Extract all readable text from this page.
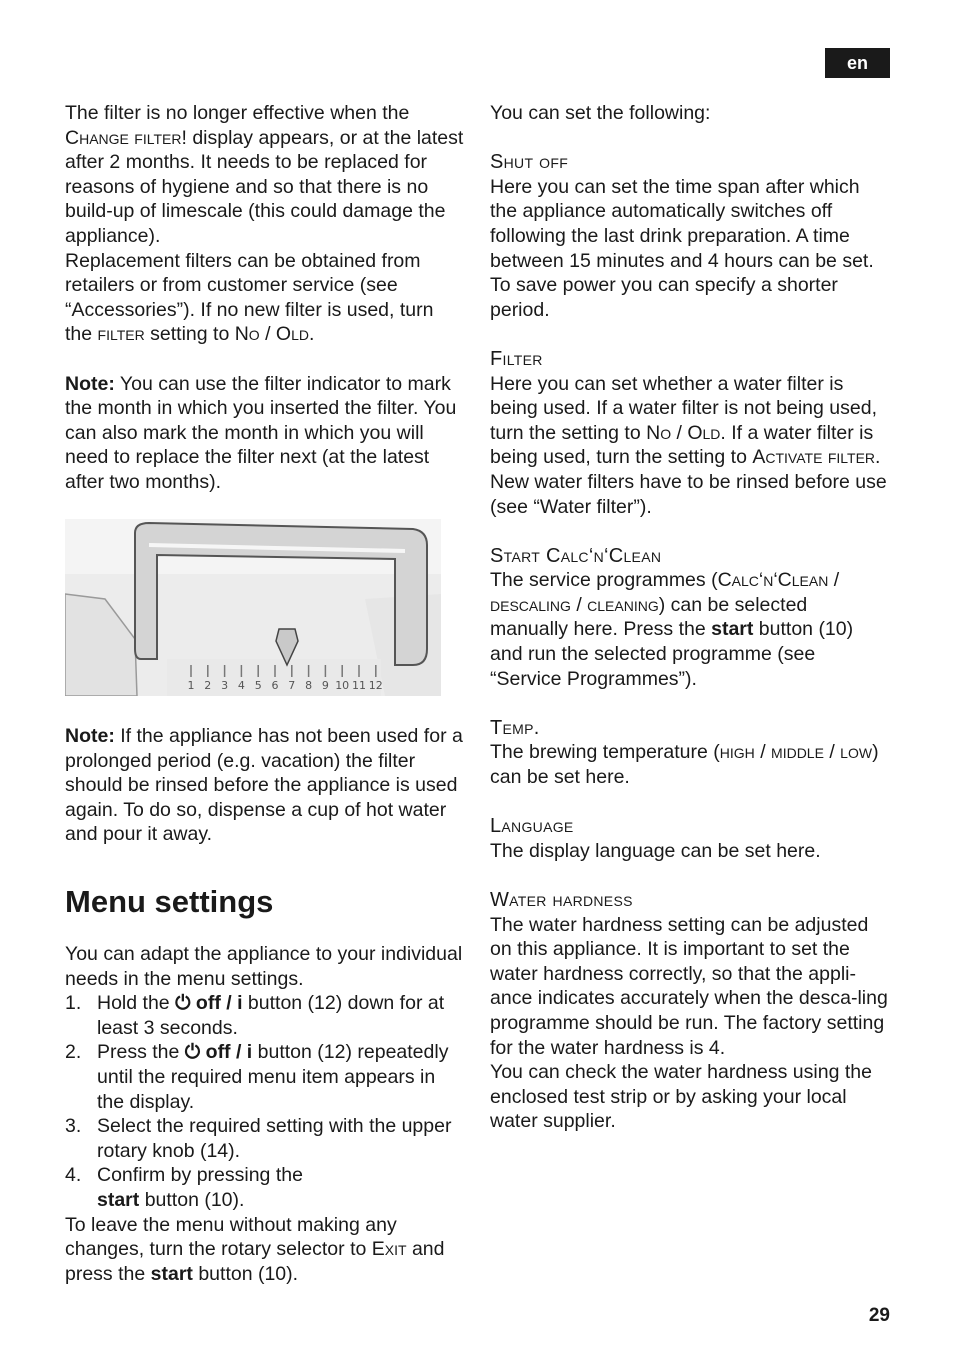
en

The filter is no longer effective when the
Change filter! display appears, or at the latest after 2 months. It needs to be replaced for reasons of hygiene and so that there is no build-up of limescale (this could damage the appliance).

Replacement filters can be obtained from retailers or from customer service (see “Accessories”). If no new filter is used, turn the filter setting to No / Old.

Note: You can use the filter indicator to mark the month in which you inserted the filter. You can also mark the month in which you will need to replace the filter next (at the latest after two months).

1 2 3 4 5 6 7 8 9 10 11 12

Note: If the appliance has not been used for a prolonged period (e.g. vacation) the filter should be rinsed before the appliance is used again. To do so, dispense a cup of hot water and pour it away.

Menu settings

You can adapt the appliance to your individual needs in the menu settings.

1. Hold the ⏻ off / i button (12) down for at least 3 seconds.
2. Press the ⏻ off / i button (12) repeatedly until the required menu item appears in the display.
3. Select the required setting with the upper rotary knob (14).
4. Confirm by pressing the
start button (10).

To leave the menu without making any changes, turn the rotary selector to Exit and press the start button (10).

You can set the following:

Shut off

Here you can set the time span after which the appliance automatically switches off following the last drink preparation. A time between 15 minutes and 4 hours can be set. To save power you can specify a shorter period.

Filter

Here you can set whether a water filter is being used. If a water filter is not being used, turn the setting to No / Old. If a water filter is being used, turn the setting to Activate filter. New water filters have to be rinsed before use (see “Water filter”).

Start Calc‘n‘Clean

The service programmes (Calc‘n‘Clean / descaling / cleaning) can be selected manually here. Press the start button (10) and run the selected programme (see “Service Programmes”).

Temp.

The brewing temperature (high / middle / low) can be set here.

Language

The display language can be set here.

Water hardness

The water hardness setting can be adjusted on this appliance. It is important to set the water hardness correctly, so that the appli-ance indicates accurately when the desca-ling programme should be run. The factory setting for the water hardness is 4.

You can check the water hardness using the enclosed test strip or by asking your local water supplier.

29
